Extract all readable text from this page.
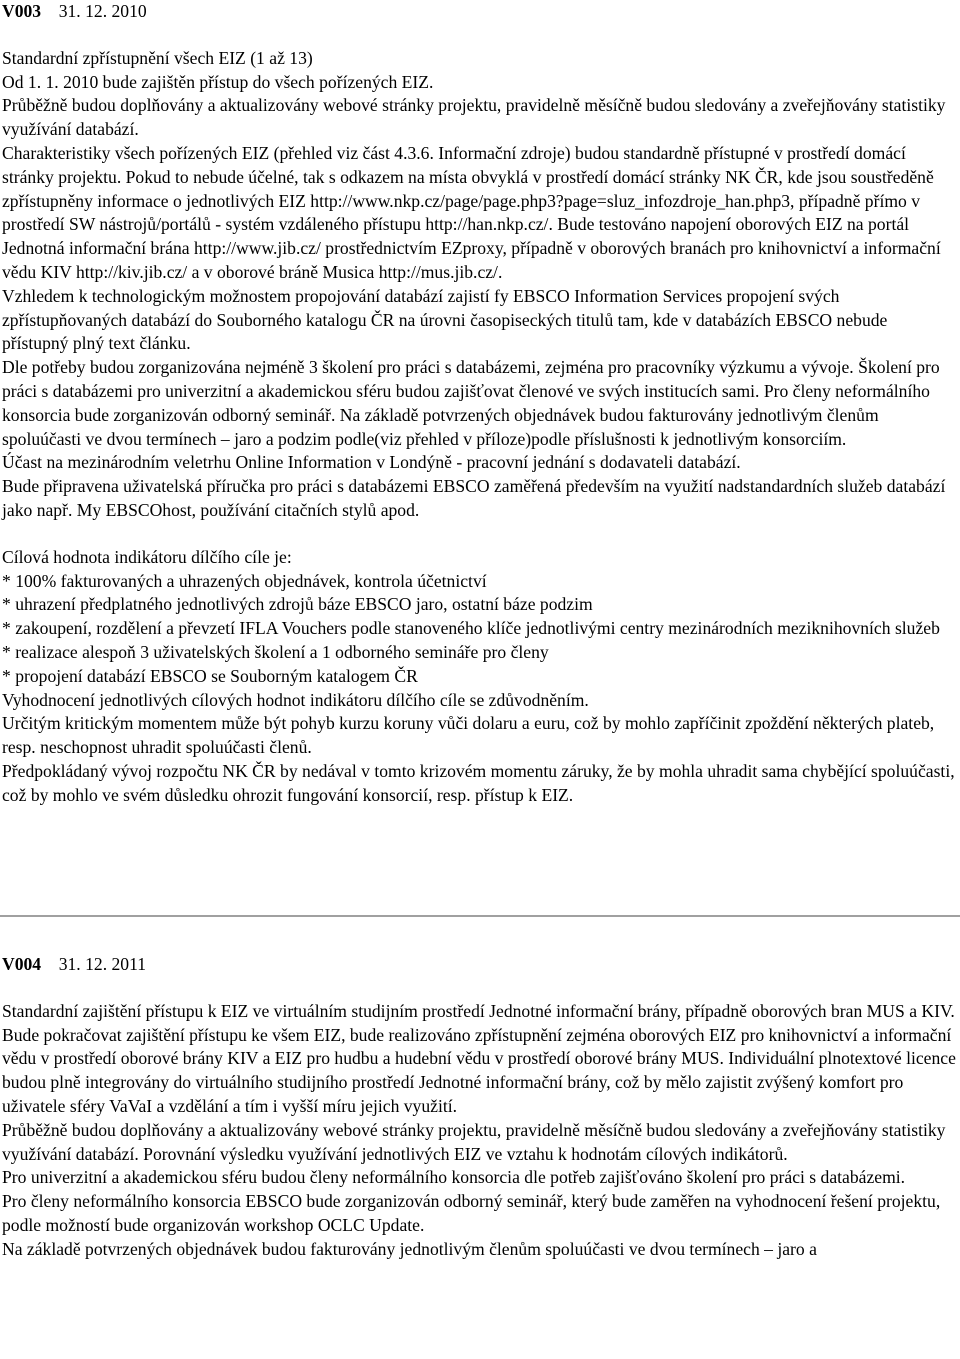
V003 31. 12. 2010

Standardní zpřístupnění všech EIZ (1 až 13)

Od 1. 1. 2010 bude zajištěn přístup do všech pořízených EIZ.

Průběžně budou doplňovány a aktualizovány webové stránky projektu, pravidelně měsíčně budou sledovány a zveřejňovány statistiky využívání databází.

Charakteristiky všech pořízených EIZ (přehled viz část 4.3.6. Informační zdroje) budou standardně přístupné v prostředí domácí stránky projektu. Pokud to nebude účelné, tak s odkazem na místa obvyklá v prostředí domácí stránky NK ČR, kde jsou soustředěně zpřístupněny informace o jednotlivých EIZ http://www.nkp.cz/page/page.php3?page=sluz_infozdroje_han.php3, případně přímo v prostředí SW nástrojů/portálů - systém vzdáleného přístupu http://han.nkp.cz/. Bude testováno napojení oborových EIZ na portál Jednotná informační brána http://www.jib.cz/ prostřednictvím EZproxy, případně v oborových branách pro knihovnictví a informační vědu KIV http://kiv.jib.cz/ a v oborové bráně Musica http://mus.jib.cz/.

Vzhledem k technologickým možnostem propojování databází zajistí fy EBSCO Information Services propojení svých zpřístupňovaných databází do Souborného katalogu ČR na úrovni časopiseckých titulů tam, kde v databázích EBSCO nebude přístupný plný text článku.

Dle potřeby budou zorganizována nejméně 3 školení pro práci s databázemi, zejména pro pracovníky výzkumu a vývoje. Školení pro práci s databázemi pro univerzitní a akademickou sféru budou zajišťovat členové ve svých institucích sami. Pro členy neformálního konsorcia bude zorganizován odborný seminář. Na základě potvrzených objednávek budou fakturovány jednotlivým členům spoluúčasti ve dvou termínech – jaro a podzim podle(viz přehled v příloze)podle příslušnosti k jednotlivým konsorciím.

Účast na mezinárodním veletrhu Online Information v Londýně - pracovní jednání s dodavateli databází.

Bude připravena uživatelská příručka pro práci s databázemi EBSCO zaměřená především na využití nadstandardních služeb databází jako např. My EBSCOhost, používání citačních stylů apod.

Cílová hodnota indikátoru dílčího cíle je:

* 100% fakturovaných a uhrazených objednávek, kontrola účetnictví

* uhrazení předplatného jednotlivých zdrojů báze EBSCO jaro, ostatní báze podzim

* zakoupení, rozdělení a převzetí IFLA Vouchers podle stanoveného klíče jednotlivými centry mezinárodních meziknihovních služeb

* realizace alespoň 3 uživatelských školení a 1 odborného semináře pro členy

* propojení databází EBSCO se Souborným katalogem ČR

Vyhodnocení jednotlivých cílových hodnot indikátoru dílčího cíle se zdůvodněním.

Určitým kritickým momentem může být pohyb kurzu koruny vůči dolaru a euru, což by mohlo zapříčinit zpoždění některých plateb, resp. neschopnost uhradit spoluúčasti členů.

Předpokládaný vývoj rozpočtu NK ČR by nedával v tomto krizovém momentu záruky, že by mohla uhradit sama chybějící spoluúčasti, což by mohlo ve svém důsledku ohrozit fungování konsorcií, resp. přístup k EIZ.

V004 31. 12. 2011

Standardní zajištění přístupu k EIZ ve virtuálním studijním prostředí Jednotné informační brány, případně oborových bran MUS a KIV.

Bude pokračovat zajištění přístupu ke všem EIZ, bude realizováno zpřístupnění zejména oborových EIZ pro knihovnictví a informační vědu v prostředí oborové brány KIV a EIZ pro hudbu a hudební vědu v prostředí oborové brány MUS. Individuální plnotextové licence budou plně integrovány do virtuálního studijního prostředí Jednotné informační brány, což by mělo zajistit zvýšený komfort pro uživatele sféry VaVaI a vzdělání a tím i vyšší míru jejich využití.

Průběžně budou doplňovány a aktualizovány webové stránky projektu, pravidelně měsíčně budou sledovány a zveřejňovány statistiky využívání databází. Porovnání výsledku využívání jednotlivých EIZ ve vztahu k hodnotám cílových indikátorů.

Pro univerzitní a akademickou sféru budou členy neformálního konsorcia dle potřeb zajišťováno školení pro práci s databázemi.

Pro členy neformálního konsorcia EBSCO bude zorganizován odborný seminář, který bude zaměřen na vyhodnocení řešení projektu, podle možností bude organizován workshop OCLC Update.

Na základě potvrzených objednávek budou fakturovány jednotlivým členům spoluúčasti ve dvou termínech – jaro a
